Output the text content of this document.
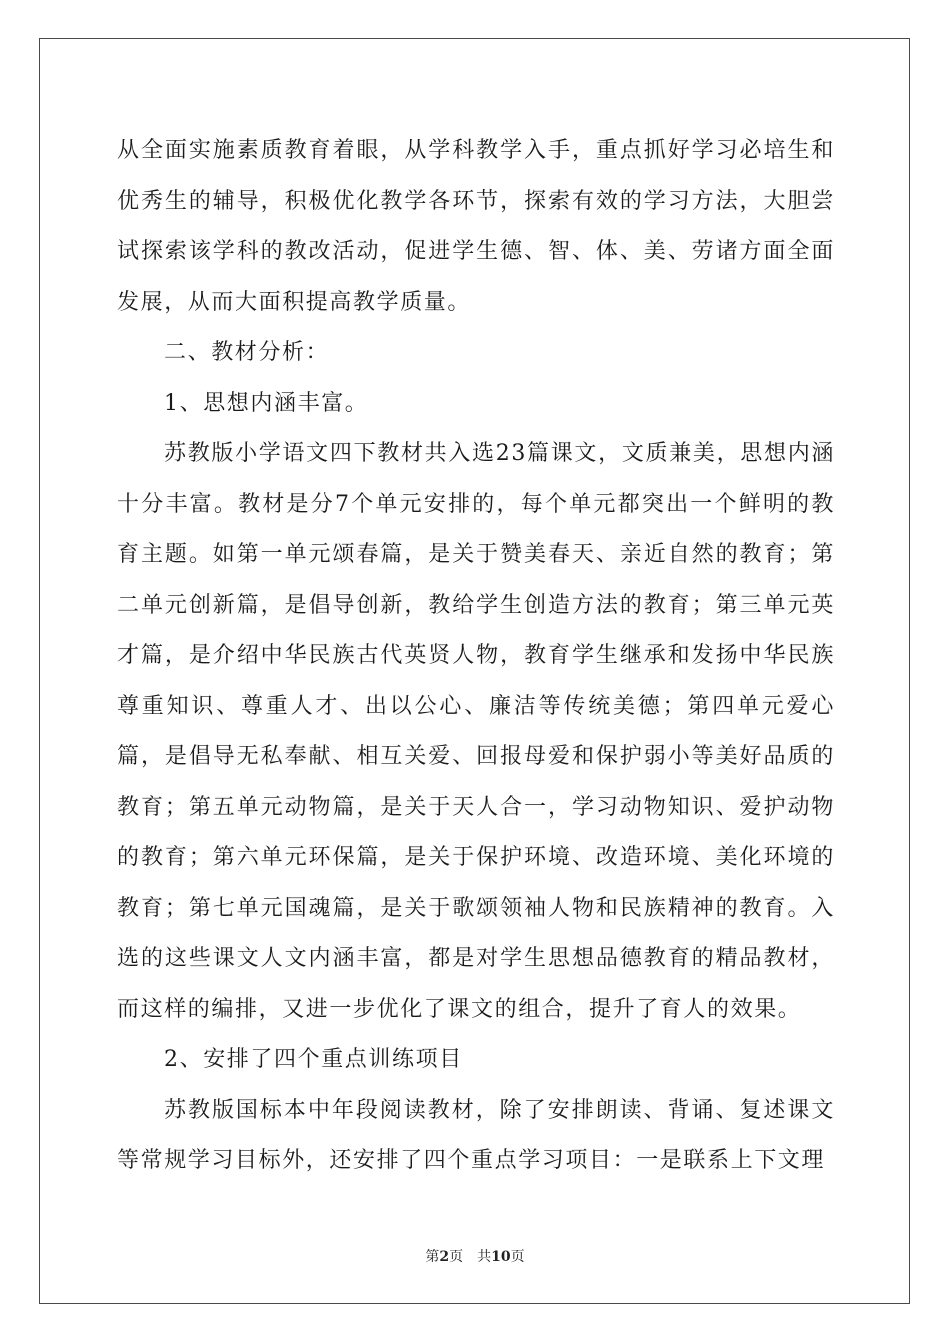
从全面实施素质教育着眼，从学科教学入手，重点抓好学习必培生和优秀生的辅导，积极优化教学各环节，探索有效的学习方法，大胆尝试探索该学科的教改活动，促进学生德、智、体、美、劳诸方面全面发展，从而大面积提高教学质量。

二、教材分析：

1、思想内涵丰富。

苏教版小学语文四下教材共入选23篇课文，文质兼美，思想内涵十分丰富。教材是分7个单元安排的，每个单元都突出一个鲜明的教育主题。如第一单元颂春篇，是关于赞美春天、亲近自然的教育；第二单元创新篇，是倡导创新，教给学生创造方法的教育；第三单元英才篇，是介绍中华民族古代英贤人物，教育学生继承和发扬中华民族尊重知识、尊重人才、出以公心、廉洁等传统美德；第四单元爱心篇，是倡导无私奉献、相互关爱、回报母爱和保护弱小等美好品质的教育；第五单元动物篇，是关于天人合一，学习动物知识、爱护动物的教育；第六单元环保篇，是关于保护环境、改造环境、美化环境的教育；第七单元国魂篇，是关于歌颂领袖人物和民族精神的教育。入选的这些课文人文内涵丰富，都是对学生思想品德教育的精品教材，而这样的编排，又进一步优化了课文的组合，提升了育人的效果。

2、安排了四个重点训练项目

苏教版国标本中年段阅读教材，除了安排朗读、背诵、复述课文等常规学习目标外，还安排了四个重点学习项目：一是联系上下文理

第2页 共10页
